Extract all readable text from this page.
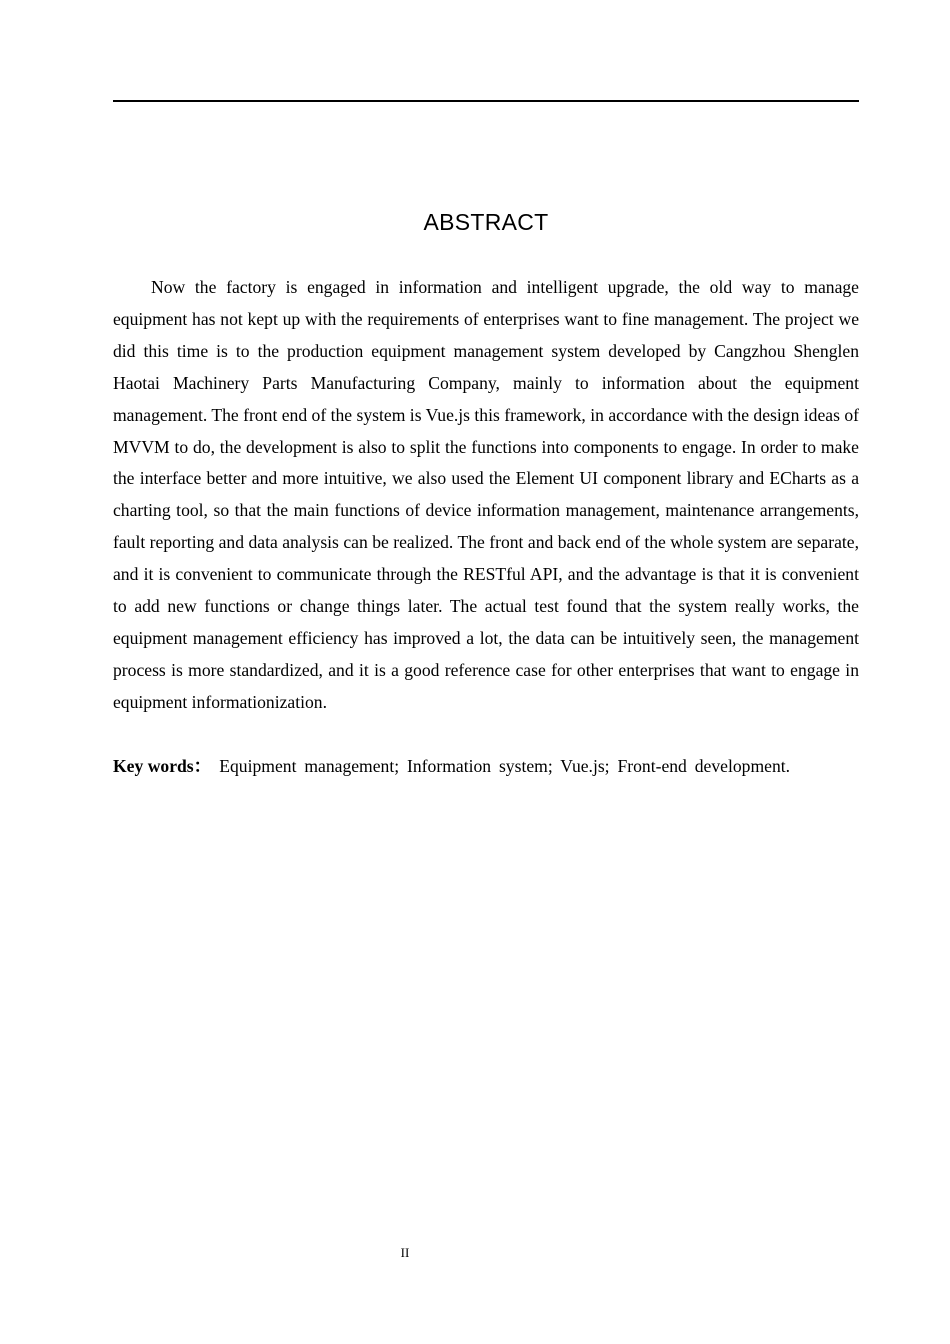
ABSTRACT

Now the factory is engaged in information and intelligent upgrade, the old way to manage equipment has not kept up with the requirements of enterprises want to fine management. The project we did this time is to the production equipment management system developed by Cangzhou Shenglen Haotai Machinery Parts Manufacturing Company, mainly to information about the equipment management. The front end of the system is Vue.js this framework, in accordance with the design ideas of MVVM to do, the development is also to split the functions into components to engage. In order to make the interface better and more intuitive, we also used the Element UI component library and ECharts as a charting tool, so that the main functions of device information management, maintenance arrangements, fault reporting and data analysis can be realized. The front and back end of the whole system are separate, and it is convenient to communicate through the RESTful API, and the advantage is that it is convenient to add new functions or change things later. The actual test found that the system really works, the equipment management efficiency has improved a lot, the data can be intuitively seen, the management process is more standardized, and it is a good reference case for other enterprises that want to engage in equipment informationization.

Key words： Equipment management; Information system; Vue.js; Front-end development.
II
